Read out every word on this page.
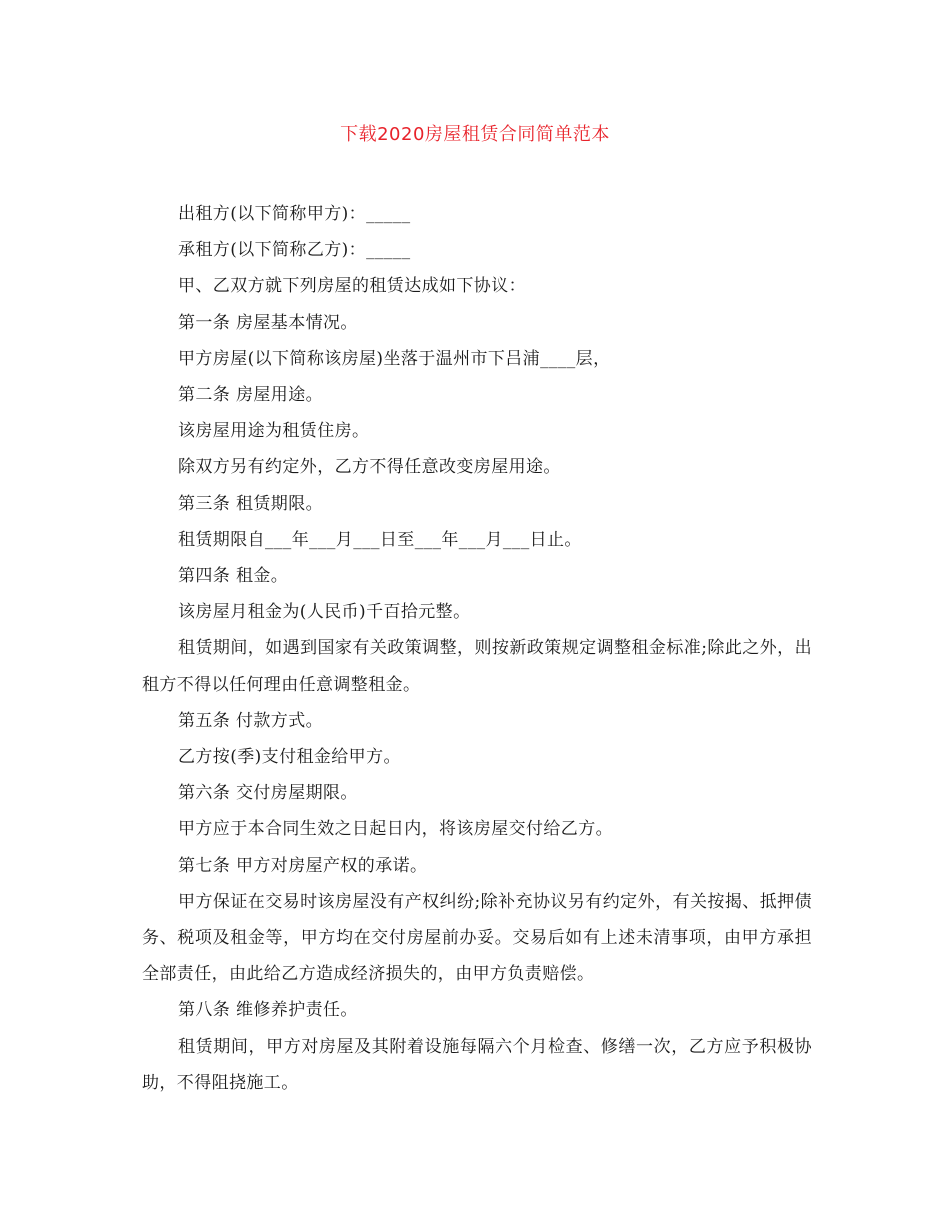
下载2020房屋租赁合同简单范本

出租方(以下简称甲方)：_____

承租方(以下简称乙方)：_____

甲、乙双方就下列房屋的租赁达成如下协议：

第一条 房屋基本情况。

甲方房屋(以下简称该房屋)坐落于温州市下吕浦____层，

第二条 房屋用途。

该房屋用途为租赁住房。

除双方另有约定外，乙方不得任意改变房屋用途。

第三条 租赁期限。

租赁期限自___年___月___日至___年___月___日止。

第四条 租金。

该房屋月租金为(人民币)千百拾元整。

租赁期间，如遇到国家有关政策调整，则按新政策规定调整租金标准;除此之外，出租方不得以任何理由任意调整租金。

第五条 付款方式。

乙方按(季)支付租金给甲方。

第六条 交付房屋期限。

甲方应于本合同生效之日起日内，将该房屋交付给乙方。

第七条 甲方对房屋产权的承诺。

甲方保证在交易时该房屋没有产权纠纷;除补充协议另有约定外，有关按揭、抵押债务、税项及租金等，甲方均在交付房屋前办妥。交易后如有上述未清事项，由甲方承担全部责任，由此给乙方造成经济损失的，由甲方负责赔偿。

第八条 维修养护责任。

租赁期间，甲方对房屋及其附着设施每隔六个月检查、修缮一次，乙方应予积极协助，不得阻挠施工。
